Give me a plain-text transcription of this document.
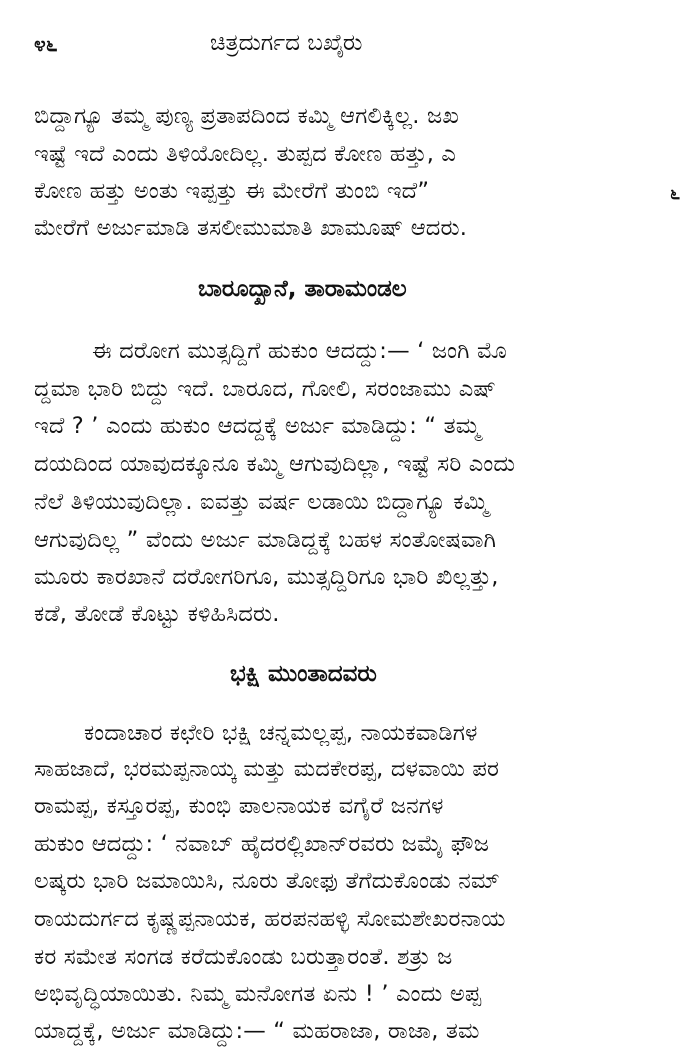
೪೬	ಚಿತ್ರದುರ್ಗದ ಬಖೈರು
ಬಿದ್ದಾಗ್ಯೂ ತಮ್ಮ ಪುಣ್ಯ ಪ್ರತಾಪದಿಂದ ಕಮ್ಮಿ ಆಗಲಿಕ್ಕಿಲ್ಲ. ಜಖ
ಇಷ್ಟೆ ಇದೆ ಎಂದು ತಿಳಿಯೋದಿಲ್ಲ. ತುಪ್ಪದ ಕೋಣ ಹತ್ತು, ಎ
ಕೋಣ ಹತ್ತು ಅಂತು ಇಪ್ಪತ್ತು ಈ ಮೇರೆಗೆ ತುಂಬಿ ಇದೆ”
ಮೇರೆಗೆ ಅರ್ಜುಮಾಡಿ ತಸಲೀಮುಮಾತಿ ಖಾಮೂಷ್ ಆದರು.
೬
ಬಾರೂದ್ಖಾನೆ, ತಾರಾಮಂಡಲ
ಈ ದರೋಗ ಮುತ್ಸದ್ದಿಗೆ ಹುಕುಂ ಆದದ್ದು:— ‘ ಜಂಗಿ ಮೊ
ದ್ದಮಾ ಭಾರಿ ಬಿದ್ದು ಇದೆ. ಬಾರೂದ, ಗೋಲಿ, ಸರಂಜಾಮು ಎಷ್
ಇದೆ ? ’ ಎಂದು ಹುಕುಂ ಆದದ್ದಕ್ಕೆ ಅರ್ಜು ಮಾಡಿದ್ದು: “ ತಮ್ಮ
ದಯದಿಂದ ಯಾವುದಕ್ಕೂನೂ ಕಮ್ಮಿ ಆಗುವುದಿಲ್ಲಾ, ಇಷ್ಟೆ ಸರಿ ಎಂದು
ನೆಲೆ ತಿಳಿಯುವುದಿಲ್ಲಾ. ಐವತ್ತು ವರ್ಷ ಲಡಾಯಿ ಬಿದ್ದಾಗ್ಯೂ ಕಮ್ಮಿ
ಆಗುವುದಿಲ್ಲ ” ವೆಂದು ಅರ್ಜು ಮಾಡಿದ್ದಕ್ಕೆ ಬಹಳ ಸಂತೋಷವಾಗಿ
ಮೂರು ಕಾರಖಾನೆ ದರೋಗರಿಗೂ, ಮುತ್ಸದ್ದಿರಿಗೂ ಭಾರಿ ಖಿಲ್ಲತ್ತು,
ಕಡೆ, ತೋಡೆ ಕೊಟ್ಟು ಕಳಿಹಿಸಿದರು.
ಭಕ್ಷಿ ಮುಂತಾದವರು
ಕಂದಾಚಾರ ಕಛೇರಿ ಭಕ್ಷಿ ಚನ್ನಮಲ್ಲಪ್ಪ, ನಾಯಕವಾಡಿಗಳ
ಸಾಹಜಾದೆ, ಭರಮಪ್ಪನಾಯ್ಕ ಮತ್ತು ಮದಕೇರಪ್ಪ, ದಳವಾಯಿ ಪರ
ರಾಮಪ್ಪ, ಕಸ್ತೂರಪ್ಪ, ಕುಂಭಿ ಪಾಲನಾಯಕ ವಗೈರೆ ಜನಗಳ
ಹುಕುಂ ಆದದ್ದು: ‘ ನವಾಬ್ ಹೈದರಲ್ಲಿಖಾನ್‌ರವರು ಜಮೈ ಫೌಜ
ಲಷ್ಕರು ಭಾರಿ ಜಮಾಯಿಸಿ, ನೂರು ತೋಫು ತೆಗೆದುಕೊಂಡು ನಮ್
ರಾಯದುರ್ಗದ ಕೃಷ್ಣಪ್ಪನಾಯಕ, ಹರಪನಹಳ್ಳಿ ಸೋಮಶೇಖರನಾಯ
ಕರ ಸಮೇತ ಸಂಗಡ ಕರೆದುಕೊಂಡು ಬರುತ್ತಾರಂತೆ. ಶತ್ರು ಜ
ಅಭಿವೃದ್ಧಿಯಾಯಿತು. ನಿಮ್ಮ ಮನೋಗತ ಏನು ! ’ ಎಂದು ಅಪ್ಪ
ಯಾದ್ದಕ್ಕೆ, ಅರ್ಜು ಮಾಡಿದ್ದು:— “ ಮಹರಾಜಾ, ರಾಜಾ, ತಮ
